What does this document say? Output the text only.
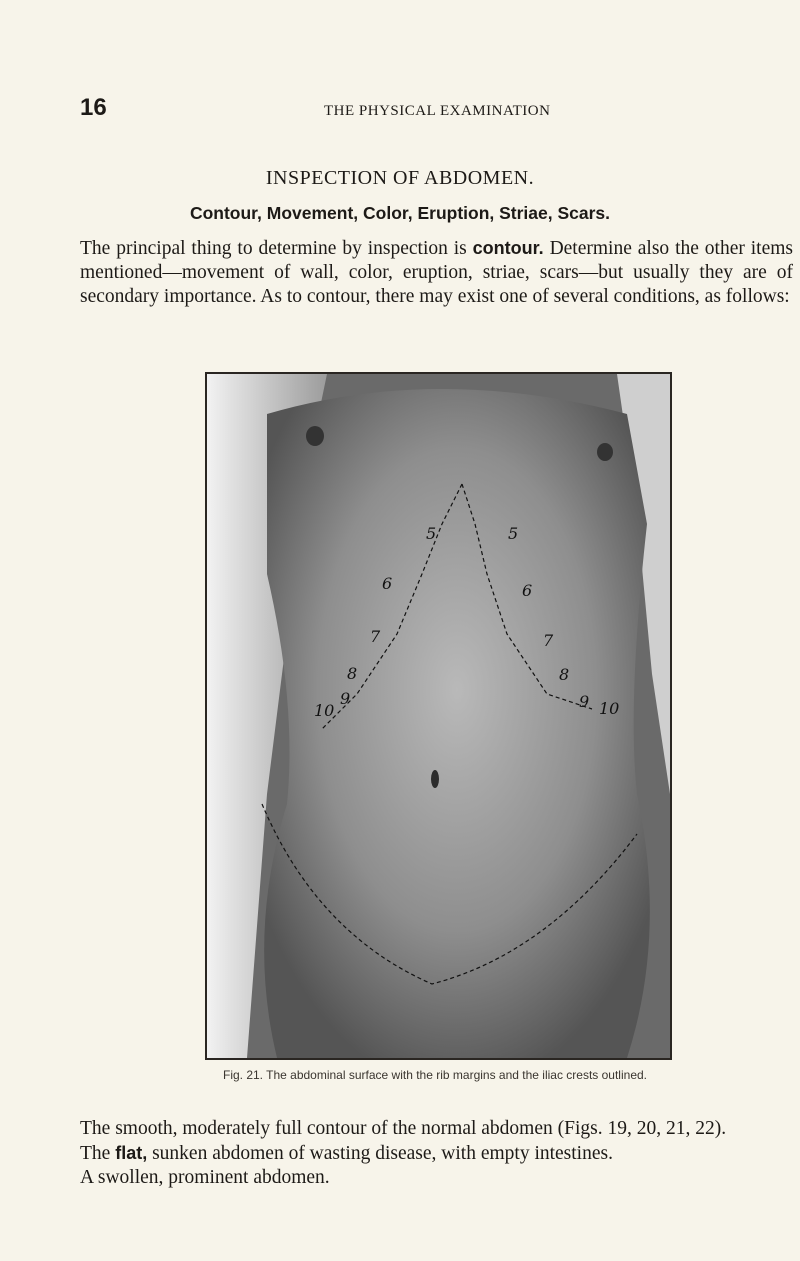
16	THE PHYSICAL EXAMINATION
INSPECTION OF ABDOMEN.
Contour, Movement, Color, Eruption, Striae, Scars.

The principal thing to determine by inspection is contour. Determine also the other items mentioned—movement of wall, color, eruption, striae, scars—but usually they are of secondary importance. As to contour, there may exist one of several conditions, as follows:

5
6
7
8
9
10
5
6
7
8
9 10
Fig. 21. The abdominal surface with the rib margins and the iliac crests outlined.

The smooth, moderately full contour of the normal abdomen (Figs. 19, 20, 21, 22).

The flat, sunken abdomen of wasting disease, with empty intestines.

A swollen, prominent abdomen.
